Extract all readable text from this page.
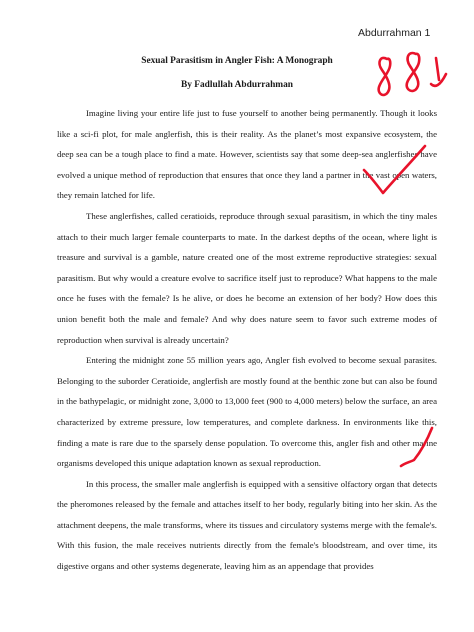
Abdurrahman 1
Sexual Parasitism in Angler Fish: A Monograph
By Fadlullah Abdurrahman

Imagine living your entire life just to fuse yourself to another being permanently. Though it looks like a sci-fi plot, for male anglerfish, this is their reality. As the planet’s most expansive ecosystem, the deep sea can be a tough place to find a mate. However, scientists say that some deep-sea anglerfishes have evolved a unique method of reproduction that ensures that once they land a partner in the vast open waters, they remain latched for life.

These anglerfishes, called ceratioids, reproduce through sexual parasitism, in which the tiny males attach to their much larger female counterparts to mate. In the darkest depths of the ocean, where light is treasure and survival is a gamble, nature created one of the most extreme reproductive strategies: sexual parasitism. But why would a creature evolve to sacrifice itself just to reproduce? What happens to the male once he fuses with the female? Is he alive, or does he become an extension of her body? How does this union benefit both the male and female? And why does nature seem to favor such extreme modes of reproduction when survival is already uncertain?

Entering the midnight zone 55 million years ago, Angler fish evolved to become sexual parasites. Belonging to the suborder Ceratioide, anglerfish are mostly found at the benthic zone but can also be found in the bathypelagic, or midnight zone, 3,000 to 13,000 feet (900 to 4,000 meters) below the surface, an area characterized by extreme pressure, low temperatures, and complete darkness. In environments like this, finding a mate is rare due to the sparsely dense population. To overcome this, angler fish and other marine organisms developed this unique adaptation known as sexual reproduction.

In this process, the smaller male anglerfish is equipped with a sensitive olfactory organ that detects the pheromones released by the female and attaches itself to her body, regularly biting into her skin. As the attachment deepens, the male transforms, where its tissues and circulatory systems merge with the female's. With this fusion, the male receives nutrients directly from the female's bloodstream, and over time, its digestive organs and other systems degenerate, leaving him as an appendage that provides
